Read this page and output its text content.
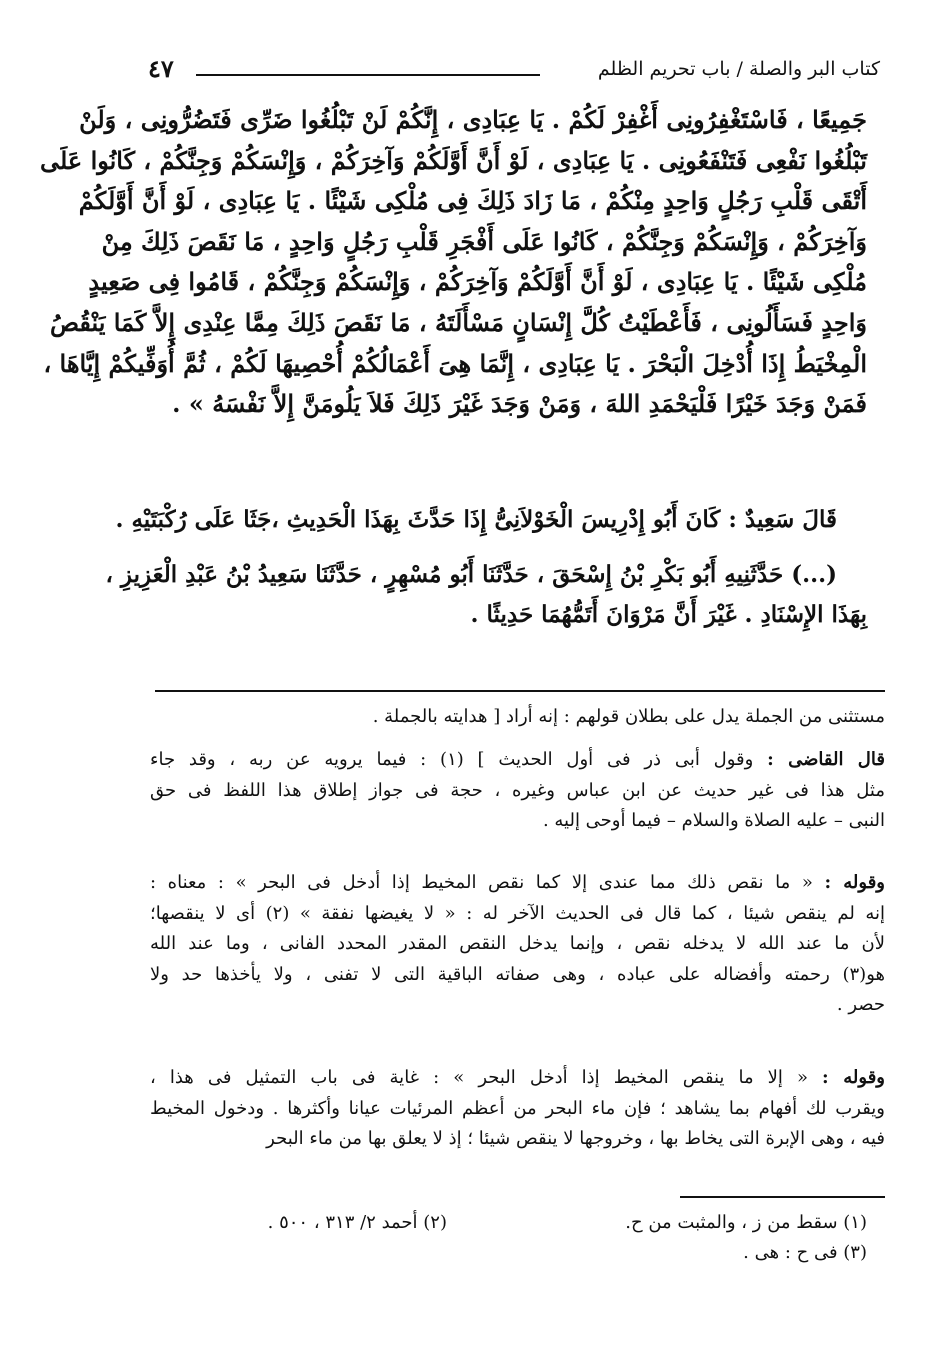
كتاب البر والصلة / باب تحريم الظلم
٤٧
جَمِيعًا ، فَاسْتَغْفِرُونِى أَغْفِرْ لَكُمْ . يَا عِبَادِى ، إِنَّكُمْ لَنْ تَبْلُغُوا ضَرِّى فَتَضُرُّونِى ، وَلَنْ
تَبْلُغُوا نَفْعِى فَتَنْفَعُونِى . يَا عِبَادِى ، لَوْ أَنَّ أَوَّلَكُمْ وَآخِرَكُمْ ، وَإِنْسَكُمْ وَجِنَّكُمْ ، كَانُوا عَلَى
أَتْقَى قَلْبِ رَجُلٍ وَاحِدٍ مِنْكُمْ ، مَا زَادَ ذَلِكَ فِى مُلْكِى شَيْئًا . يَا عِبَادِى ، لَوْ أَنَّ أَوَّلَكُمْ
وَآخِرَكُمْ ، وَإِنْسَكُمْ وَجِنَّكُمْ ، كَانُوا عَلَى أَفْجَرِ قَلْبِ رَجُلٍ وَاحِدٍ ، مَا نَقَصَ ذَلِكَ مِنْ
مُلْكِى شَيْئًا . يَا عِبَادِى ، لَوْ أَنَّ أَوَّلَكُمْ وَآخِرَكُمْ ، وَإِنْسَكُمْ وَجِنَّكُمْ ، قَامُوا فِى صَعِيدٍ
وَاحِدٍ فَسَأَلُونِى ، فَأَعْطَيْتُ كُلَّ إِنْسَانٍ مَسْأَلَتَهُ ، مَا نَقَصَ ذَلِكَ مِمَّا عِنْدِى إِلاَّ كَمَا يَنْقُصُ
الْمِخْيَطُ إِذَا أُدْخِلَ الْبَحْرَ . يَا عِبَادِى ، إِنَّمَا هِىَ أَعْمَالُكُمْ أُحْصِيهَا لَكُمْ ، ثُمَّ أُوَفِّيكُمْ إِيَّاهَا ،
فَمَنْ وَجَدَ خَيْرًا فَلْيَحْمَدِ اللهَ ، وَمَنْ وَجَدَ غَيْرَ ذَلِكَ فَلاَ يَلُومَنَّ إِلاَّ نَفْسَهُ » .
قَالَ سَعِيدٌ : كَانَ أَبُو إِدْرِيسَ الْخَوْلاَنِىُّ إِذَا حَدَّثَ بِهَذَا الْحَدِيثِ ،جَثَا عَلَى رُكْبَتَيْهِ .
(...) حَدَّثَنِيهِ أَبُو بَكْرِ بْنُ إِسْحَقَ ، حَدَّثَنَا أَبُو مُسْهِرٍ ، حَدَّثَنَا سَعِيدُ بْنُ عَبْدِ الْعَزِيزِ ،
بِهَذَا الإِسْنَادِ . غَيْرَ أَنَّ مَرْوَانَ أَتَمُّهُمَا حَدِيثًا .
مستثنى من الجملة يدل على بطلان قولهم : إنه أراد [ هدايته بالجملة .
قال القاضى : وقول أبى ذر فى أول الحديث ] (١) : فيما يرويه عن ربه ، وقد جاء
مثل هذا فى غير حديث عن ابن عباس وغيره ، حجة فى جواز إطلاق هذا اللفظ فى حق
النبى – عليه الصلاة والسلام – فيما أوحى إليه .
وقوله : « ما نقص ذلك مما عندى إلا كما نقص المخيط إذا أدخل فى البحر » : معناه :
إنه لم ينقص شيئا ، كما قال فى الحديث الآخر له : « لا يغيضها نفقة » (٢) أى لا ينقصها؛
لأن ما عند الله لا يدخله نقص ، وإنما يدخل النقص المقدر المحدد الفانى ، وما عند الله
هو(٣) رحمته وأفضاله على عباده ، وهى صفاته الباقية التى لا تفنى ، ولا يأخذها حد ولا
حصر .
وقوله : « إلا ما ينقص المخيط إذا أدخل البحر » : غاية فى باب التمثيل فى هذا ،
ويقرب لك أفهام بما يشاهد ؛ فإن ماء البحر من أعظم المرئيات عيانا وأكثرها . ودخول المخيط
فيه ، وهى الإبرة التى يخاط بها ، وخروجها لا ينقص شيئا ؛ إذ لا يعلق بها من ماء البحر
(١) سقط من ز ، والمثبت من ح.
(٢) أحمد ٢/ ٣١٣ ، ٥٠٠ .
(٣) فى ح : هى .
